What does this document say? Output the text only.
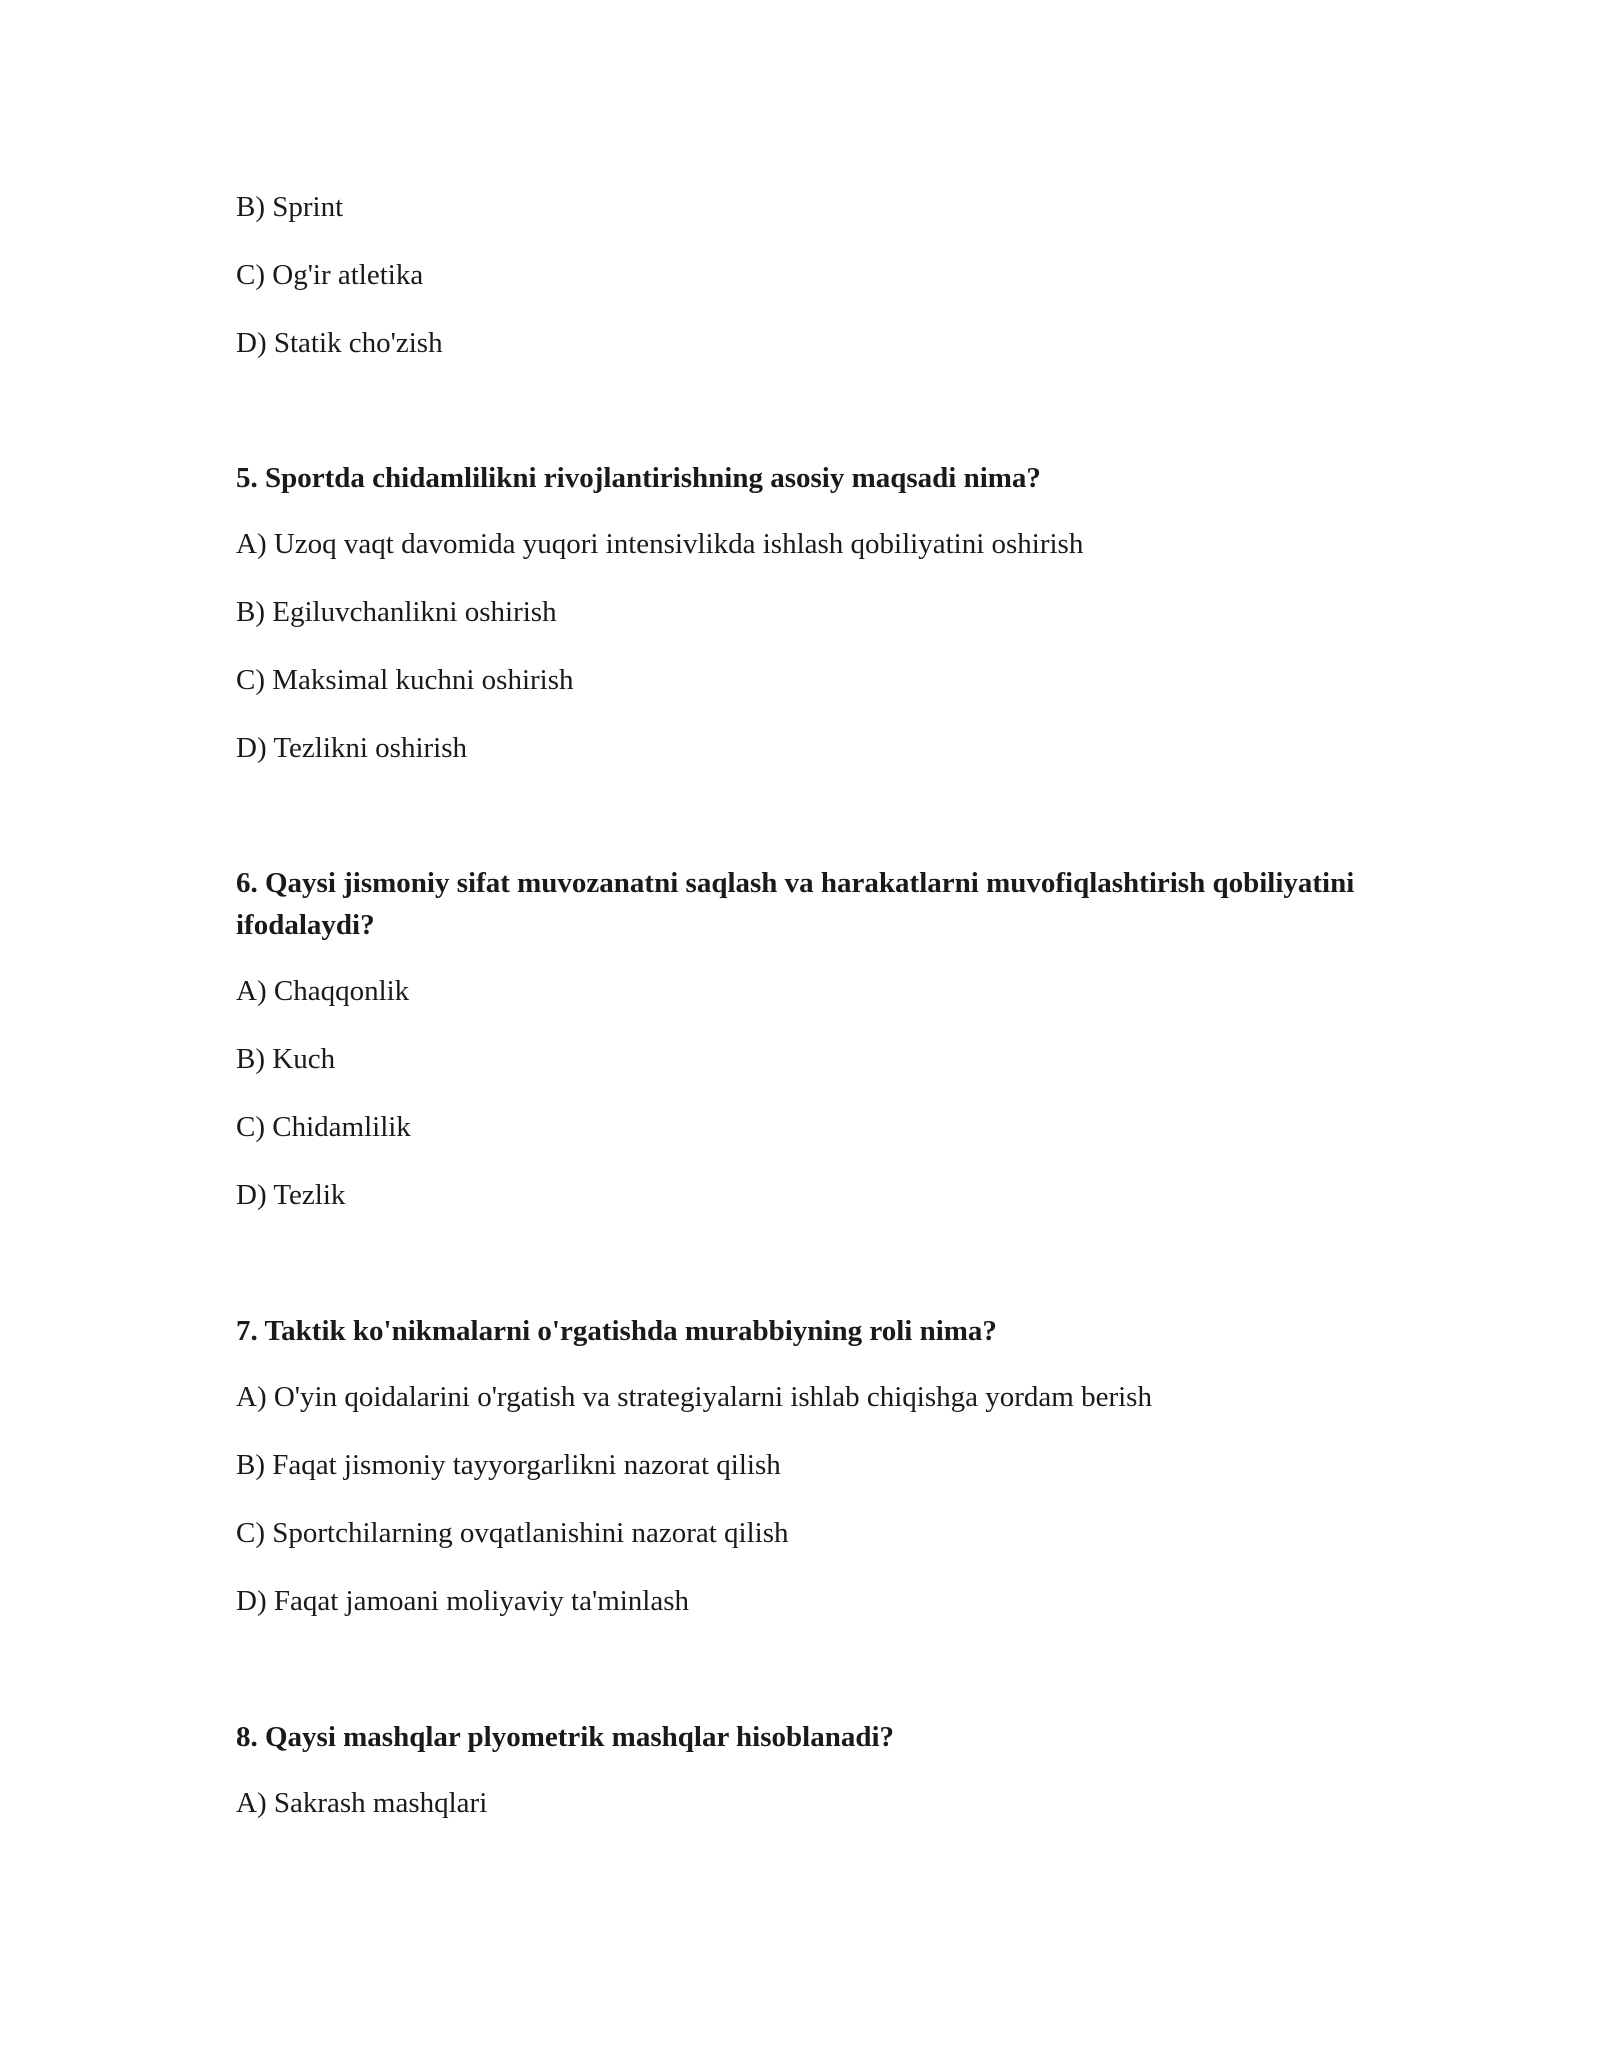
B) Sprint

C) Og'ir atletika

D) Statik cho'zish

5. Sportda chidamlilikni rivojlantirishning asosiy maqsadi nima?

A) Uzoq vaqt davomida yuqori intensivlikda ishlash qobiliyatini oshirish

B) Egiluvchanlikni oshirish

C) Maksimal kuchni oshirish

D) Tezlikni oshirish

6. Qaysi jismoniy sifat muvozanatni saqlash va harakatlarni muvofiqlashtirish qobiliyatini ifodalaydi?

A) Chaqqonlik

B) Kuch

C) Chidamlilik

D) Tezlik

7. Taktik ko'nikmalarni o'rgatishda murabbiyning roli nima?

A) O'yin qoidalarini o'rgatish va strategiyalarni ishlab chiqishga yordam berish

B) Faqat jismoniy tayyorgarlikni nazorat qilish

C) Sportchilarning ovqatlanishini nazorat qilish

D) Faqat jamoani moliyaviy ta'minlash

8. Qaysi mashqlar plyometrik mashqlar hisoblanadi?

A) Sakrash mashqlari
